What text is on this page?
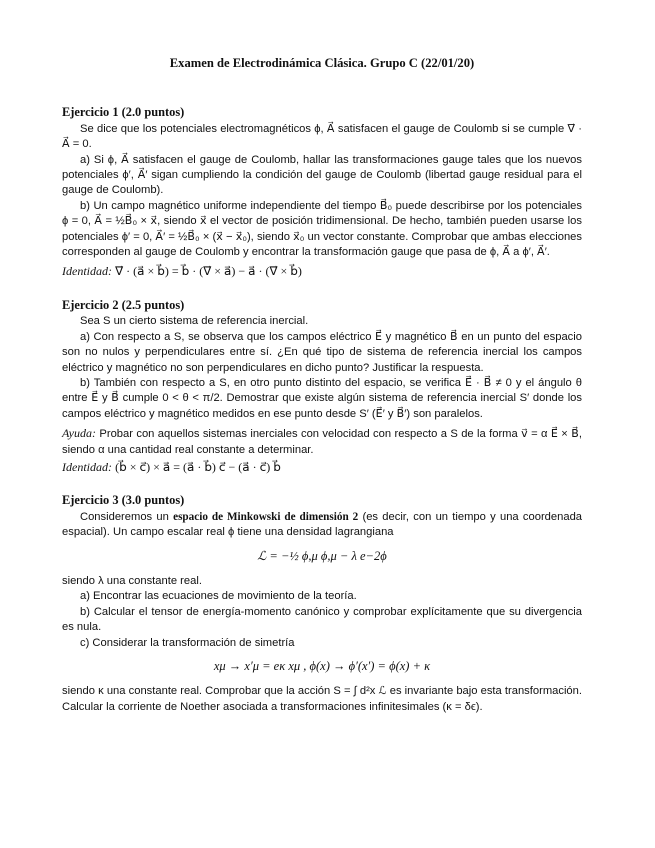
Examen de Electrodinámica Clásica. Grupo C (22/01/20)
Ejercicio 1 (2.0 puntos)

Se dice que los potenciales electromagnéticos ϕ, A⃗ satisfacen el gauge de Coulomb si se cumple ∇⃗ · A⃗ = 0.

a) Si ϕ, A⃗ satisfacen el gauge de Coulomb, hallar las transformaciones gauge tales que los nuevos potenciales ϕ′, A⃗′ sigan cumpliendo la condición del gauge de Coulomb (libertad gauge residual para el gauge de Coulomb).

b) Un campo magnético uniforme independiente del tiempo B⃗₀ puede describirse por los potenciales ϕ = 0, A⃗ = ½B⃗₀ × x⃗, siendo x⃗ el vector de posición tridimensional. De hecho, también pueden usarse los potenciales ϕ′ = 0, A⃗′ = ½B⃗₀ × (x⃗ − x⃗₀), siendo x⃗₀ un vector constante. Comprobar que ambas elecciones corresponden al gauge de Coulomb y encontrar la transformación gauge que pasa de ϕ, A⃗ a ϕ′, A⃗′.

Identidad: ∇⃗ · (a⃗ × b⃗) = b⃗ · (∇⃗ × a⃗) − a⃗ · (∇⃗ × b⃗)

Ejercicio 2 (2.5 puntos)

Sea S un cierto sistema de referencia inercial.

a) Con respecto a S, se observa que los campos eléctrico E⃗ y magnético B⃗ en un punto del espacio son no nulos y perpendiculares entre sí. ¿En qué tipo de sistema de referencia inercial los campos eléctrico y magnético no son perpendiculares en dicho punto? Justificar la respuesta.

b) También con respecto a S, en otro punto distinto del espacio, se verifica E⃗ · B⃗ ≠ 0 y el ángulo θ entre E⃗ y B⃗ cumple 0 < θ < π/2. Demostrar que existe algún sistema de referencia inercial S′ donde los campos eléctrico y magnético medidos en ese punto desde S′ (E⃗′ y B⃗′) son paralelos.

Ayuda: Probar con aquellos sistemas inerciales con velocidad con respecto a S de la forma v⃗ = α E⃗ × B⃗, siendo α una cantidad real constante a determinar.

Identidad: (b⃗ × c⃗) × a⃗ = (a⃗ · b⃗) c⃗ − (a⃗ · c⃗) b⃗

Ejercicio 3 (3.0 puntos)

Consideremos un espacio de Minkowski de dimensión 2 (es decir, con un tiempo y una coordenada espacial). Un campo escalar real ϕ tiene una densidad lagrangiana

ℒ = −½ ϕ,μ ϕ,μ − λ e−2ϕ

siendo λ una constante real.

a) Encontrar las ecuaciones de movimiento de la teoría.

b) Calcular el tensor de energía-momento canónico y comprobar explícitamente que su divergencia es nula.

c) Considerar la transformación de simetría

xμ → x′μ = eκ xμ , ϕ(x) → ϕ′(x′) = ϕ(x) + κ

siendo κ una constante real. Comprobar que la acción S = ∫ d²x ℒ es invariante bajo esta transformación. Calcular la corriente de Noether asociada a transformaciones infinitesimales (κ = δϵ).
